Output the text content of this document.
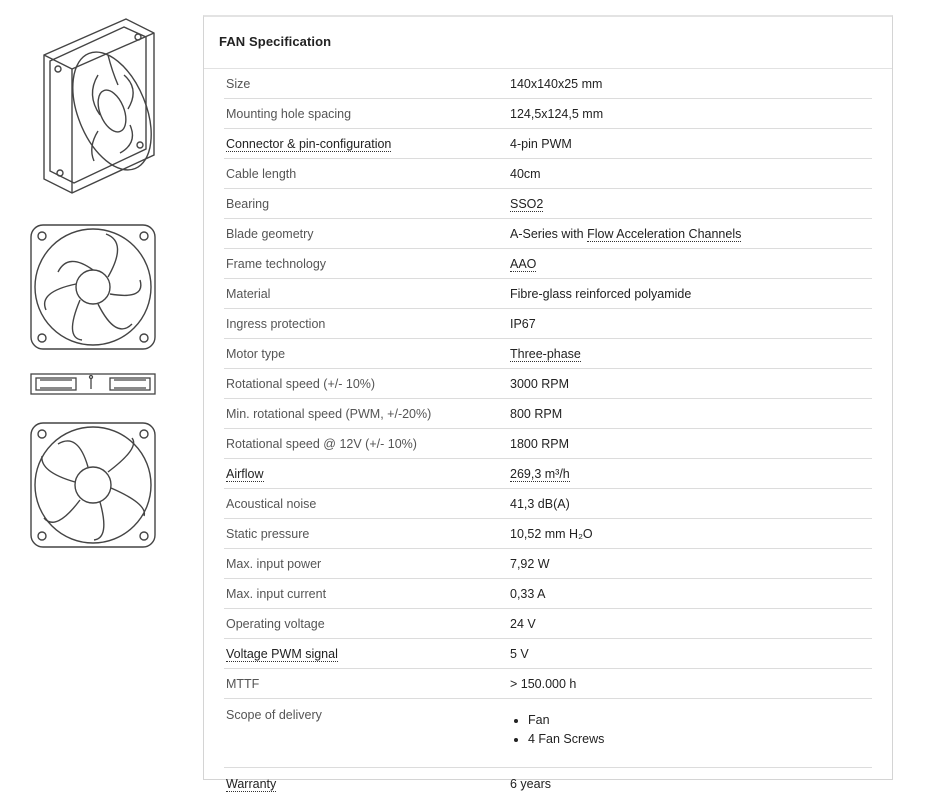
FAN Specification
Size	140x140x25 mm
Mounting hole spacing	124,5x124,5 mm
Connector & pin-configuration	4-pin PWM
Cable length	40cm
Bearing	SSO2
Blade geometry	A-Series with Flow Acceleration Channels
Frame technology	AAO
Material	Fibre-glass reinforced polyamide
Ingress protection	IP67
Motor type	Three-phase
Rotational speed (+/- 10%)	3000 RPM
Min. rotational speed (PWM, +/-20%)	800 RPM
Rotational speed @ 12V (+/- 10%)	1800 RPM
Airflow	269,3 m³/h
Acoustical noise	41,3 dB(A)
Static pressure	10,52 mm H₂O
Max. input power	7,92 W
Max. input current	0,33 A
Operating voltage	24 V
Voltage PWM signal	5 V
MTTF	> 150.000 h
Scope of delivery
•	Fan
• 4 Fan Screws
Warranty	6 years
